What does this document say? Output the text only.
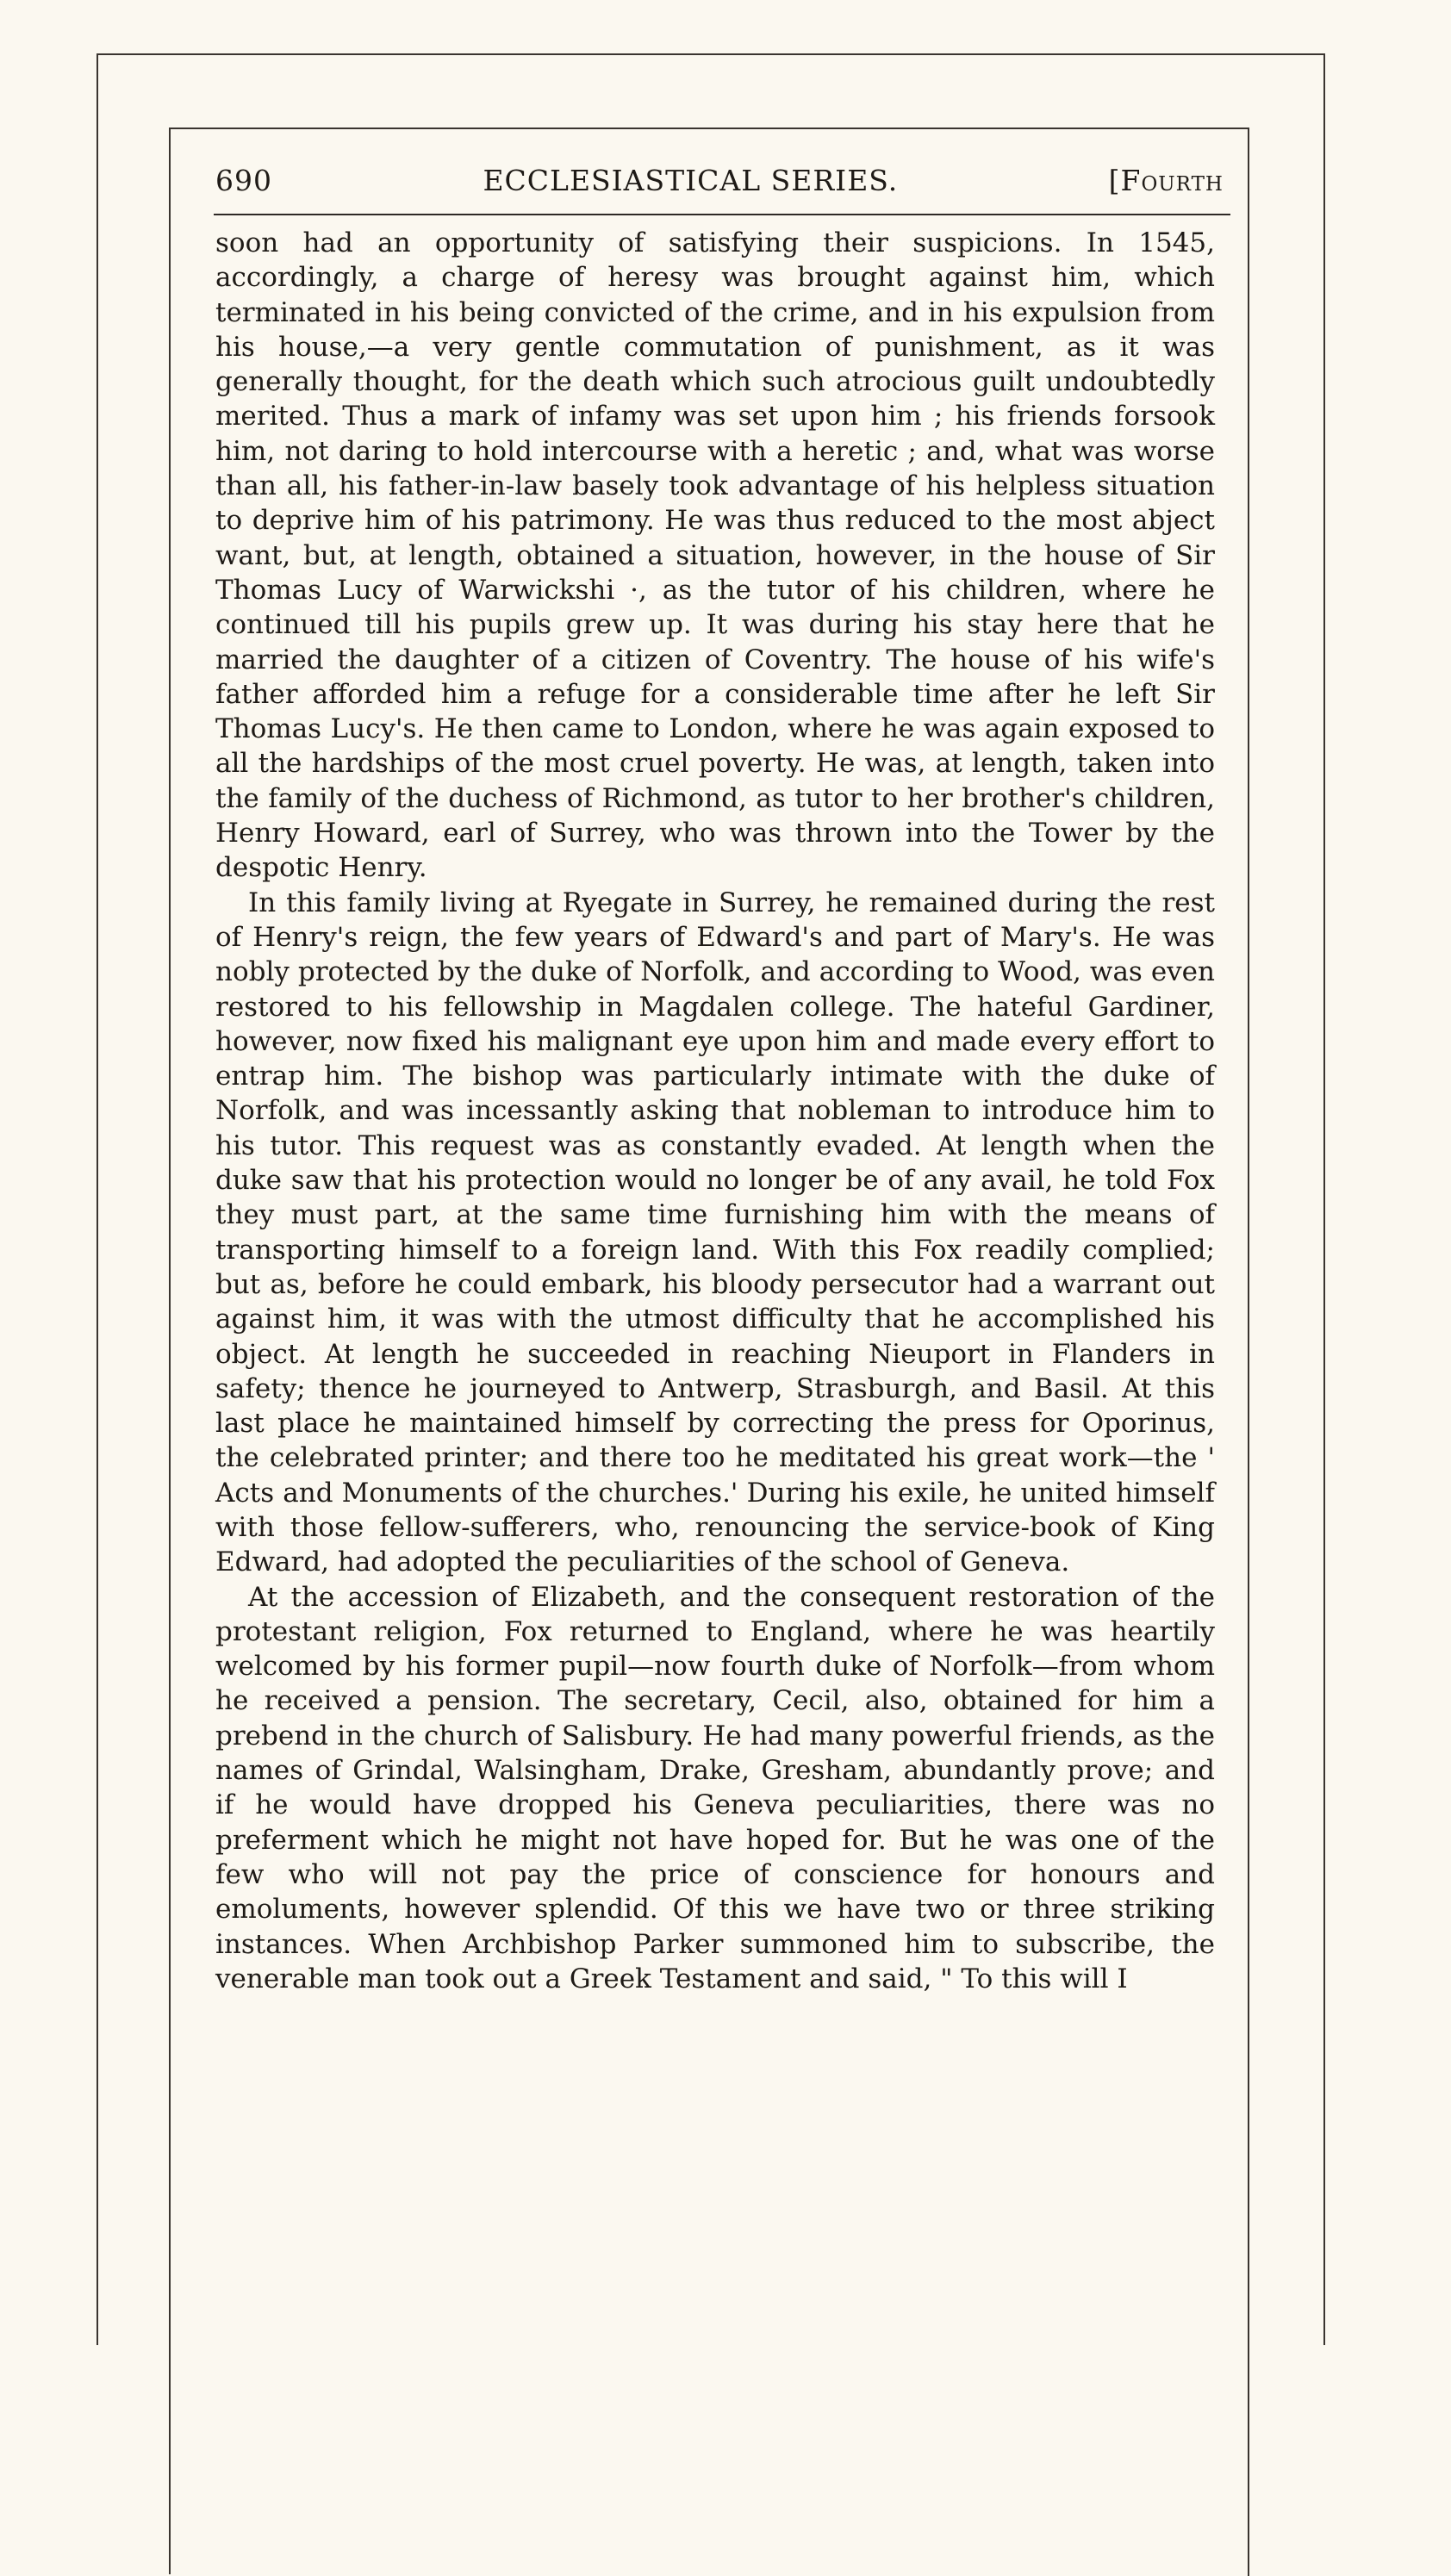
690	ECCLESIASTICAL SERIES.	[Fourth

soon had an opportunity of satisfying their suspicions. In 1545, accordingly, a charge of heresy was brought against him, which terminated in his being convicted of the crime, and in his expulsion from his house,—a very gentle commutation of punishment, as it was generally thought, for the death which such atrocious guilt undoubtedly merited. Thus a mark of infamy was set upon him ; his friends forsook him, not daring to hold intercourse with a heretic ; and, what was worse than all, his father-in-law basely took advantage of his helpless situation to deprive him of his patrimony. He was thus reduced to the most abject want, but, at length, obtained a situation, however, in the house of Sir Thomas Lucy of Warwickshi ·, as the tutor of his children, where he continued till his pupils grew up. It was during his stay here that he married the daughter of a citizen of Coventry. The house of his wife's father afforded him a refuge for a considerable time after he left Sir Thomas Lucy's. He then came to London, where he was again exposed to all the hardships of the most cruel poverty. He was, at length, taken into the family of the duchess of Richmond, as tutor to her brother's children, Henry Howard, earl of Surrey, who was thrown into the Tower by the despotic Henry.

In this family living at Ryegate in Surrey, he remained during the rest of Henry's reign, the few years of Edward's and part of Mary's. He was nobly protected by the duke of Norfolk, and according to Wood, was even restored to his fellowship in Magdalen college. The hateful Gardiner, however, now fixed his malignant eye upon him and made every effort to entrap him. The bishop was particularly intimate with the duke of Norfolk, and was incessantly asking that nobleman to introduce him to his tutor. This request was as constantly evaded. At length when the duke saw that his protection would no longer be of any avail, he told Fox they must part, at the same time furnishing him with the means of transporting himself to a foreign land. With this Fox readily complied; but as, before he could embark, his bloody persecutor had a warrant out against him, it was with the utmost difficulty that he accomplished his object. At length he succeeded in reaching Nieuport in Flanders in safety; thence he journeyed to Antwerp, Strasburgh, and Basil. At this last place he maintained himself by correcting the press for Oporinus, the celebrated printer; and there too he meditated his great work—the ' Acts and Monuments of the churches.' During his exile, he united himself with those fellow-sufferers, who, renouncing the service-book of King Edward, had adopted the peculiarities of the school of Geneva.

At the accession of Elizabeth, and the consequent restoration of the protestant religion, Fox returned to England, where he was heartily welcomed by his former pupil—now fourth duke of Norfolk—from whom he received a pension. The secretary, Cecil, also, obtained for him a prebend in the church of Salisbury. He had many powerful friends, as the names of Grindal, Walsingham, Drake, Gresham, abundantly prove; and if he would have dropped his Geneva peculiarities, there was no preferment which he might not have hoped for. But he was one of the few who will not pay the price of conscience for honours and emoluments, however splendid. Of this we have two or three striking instances. When Archbishop Parker summoned him to subscribe, the venerable man took out a Greek Testament and said, " To this will I
